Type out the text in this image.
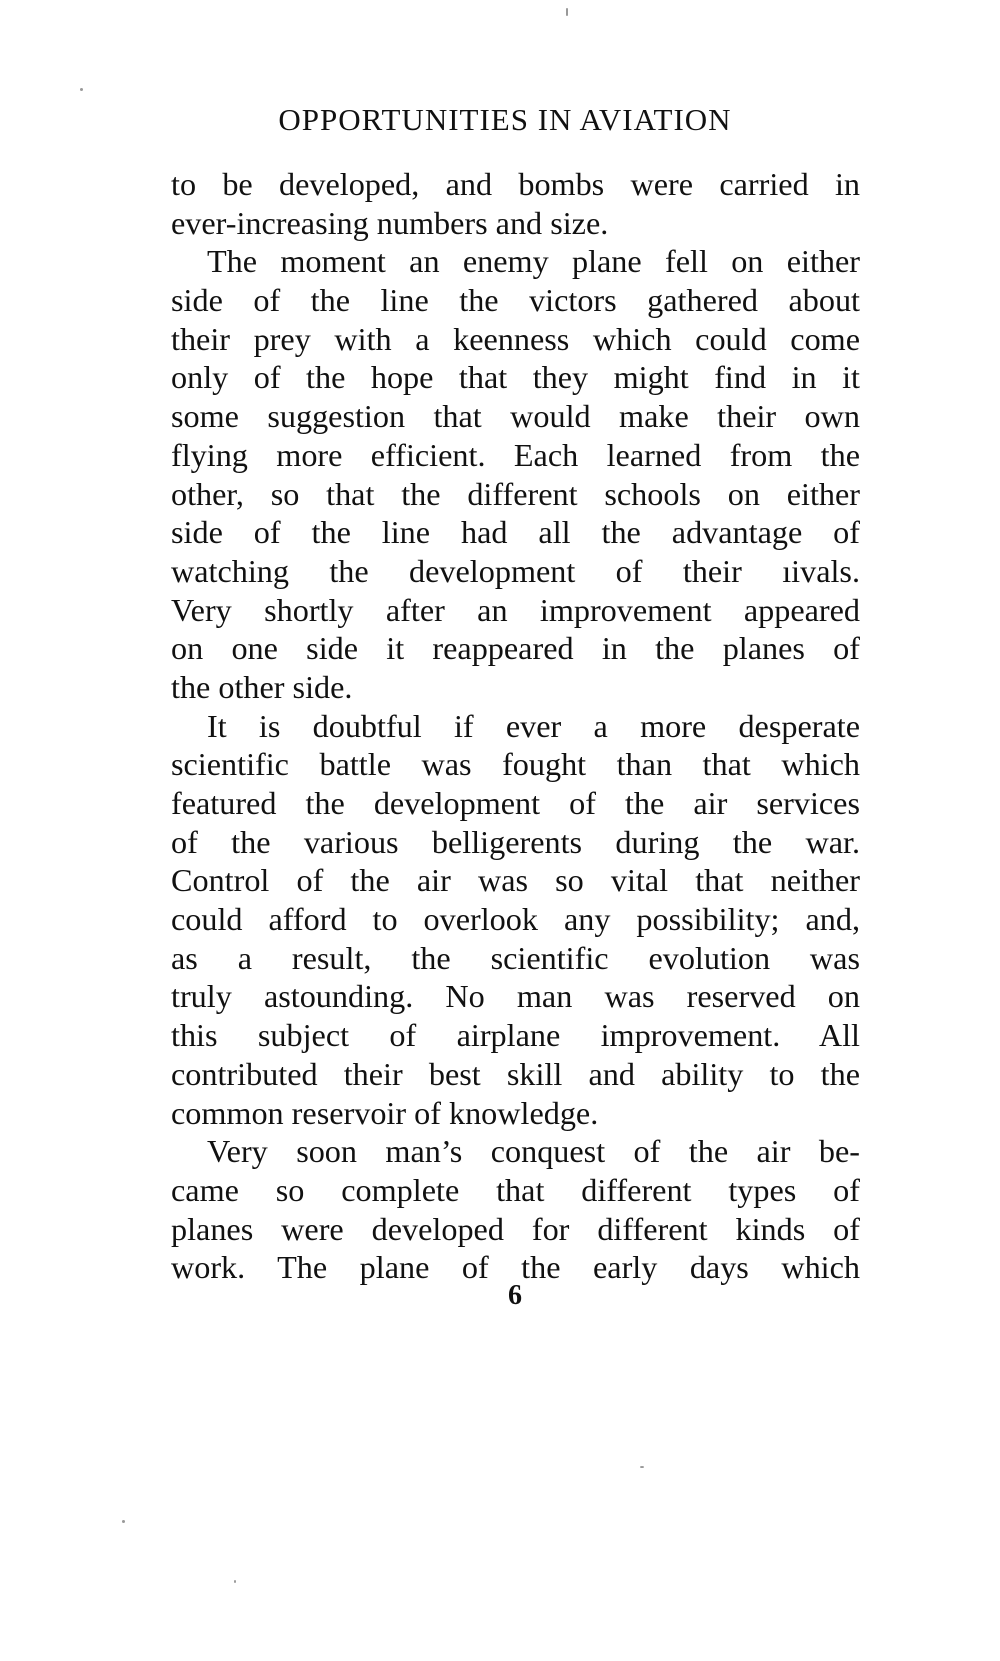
OPPORTUNITIES IN AVIATION
to be developed, and bombs were carried in
ever-increasing numbers and size.
The moment an enemy plane fell on either
side of the line the victors gathered about
their prey with a keenness which could come
only of the hope that they might find in it
some suggestion that would make their own
flying more efficient. Each learned from the
other, so that the different schools on either
side of the line had all the advantage of
watching the development of their ıivals.
Very shortly after an improvement appeared
on one side it reappeared in the planes of
the other side.
It is doubtful if ever a more desperate
scientific battle was fought than that which
featured the development of the air services
of the various belligerents during the war.
Control of the air was so vital that neither
could afford to overlook any possibility; and,
as a result, the scientific evolution was
truly astounding. No man was reserved on
this subject of airplane improvement. All
contributed their best skill and ability to the
common reservoir of knowledge.
Very soon man’s conquest of the air be-
came so complete that different types of
planes were developed for different kinds of
work. The plane of the early days which
6
